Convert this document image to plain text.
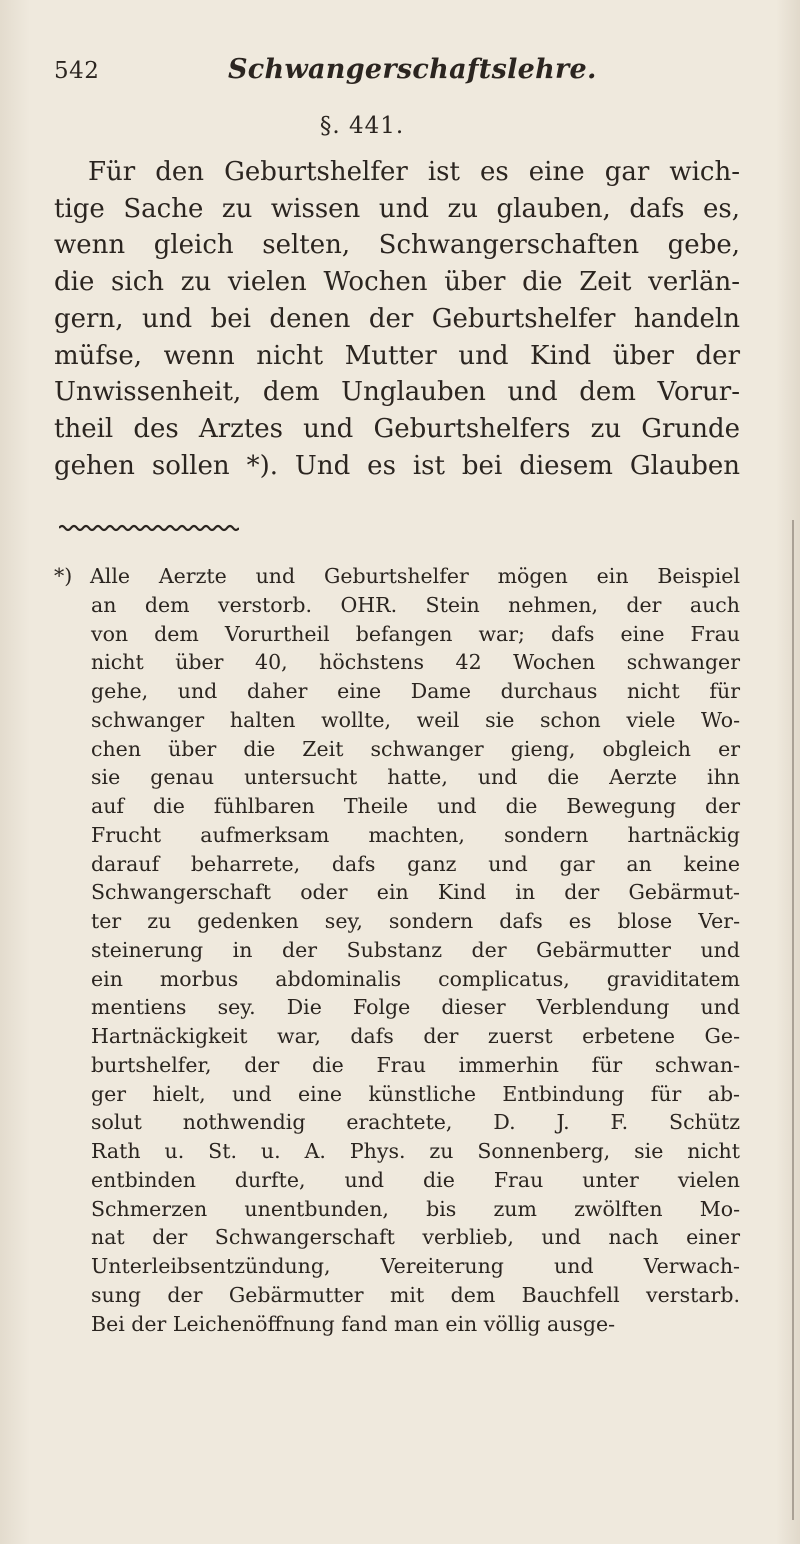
542	Schwangerschaftslehre.
§. 441.
Für den Geburtshelfer ist es eine gar wich-
tige Sache zu wissen und zu glauben, dafs es,
wenn gleich selten, Schwangerschaften gebe,
die sich zu vielen Wochen über die Zeit verlän-
gern, und bei denen der Geburtshelfer handeln
müfse, wenn nicht Mutter und Kind über der
Unwissenheit, dem Unglauben und dem Vorur-
theil des Arztes und Geburtshelfers zu Grunde
gehen sollen *). Und es ist bei diesem Glauben
*) Alle Aerzte und Geburtshelfer mögen ein Beispiel
an dem verstorb. OHR. Stein nehmen, der auch
von dem Vorurtheil befangen war; dafs eine Frau
nicht über 40, höchstens 42 Wochen schwanger
gehe, und daher eine Dame durchaus nicht für
schwanger halten wollte, weil sie schon viele Wo-
chen über die Zeit schwanger gieng, obgleich er
sie genau untersucht hatte, und die Aerzte ihn
auf die fühlbaren Theile und die Bewegung der
Frucht aufmerksam machten, sondern hartnäckig
darauf beharrete, dafs ganz und gar an keine
Schwangerschaft oder ein Kind in der Gebärmut-
ter zu gedenken sey, sondern dafs es blose Ver-
steinerung in der Substanz der Gebärmutter und
ein morbus abdominalis complicatus, graviditatem
mentiens sey. Die Folge dieser Verblendung und
Hartnäckigkeit war, dafs der zuerst erbetene Ge-
burtshelfer, der die Frau immerhin für schwan-
ger hielt, und eine künstliche Entbindung für ab-
solut nothwendig erachtete, D. J. F. Schütz
Rath u. St. u. A. Phys. zu Sonnenberg, sie nicht
entbinden durfte, und die Frau unter vielen
Schmerzen unentbunden, bis zum zwölften Mo-
nat der Schwangerschaft verblieb, und nach einer
Unterleibsentzündung, Vereiterung und Verwach-
sung der Gebärmutter mit dem Bauchfell verstarb.
Bei der Leichenöffnung fand man ein völlig ausge-
